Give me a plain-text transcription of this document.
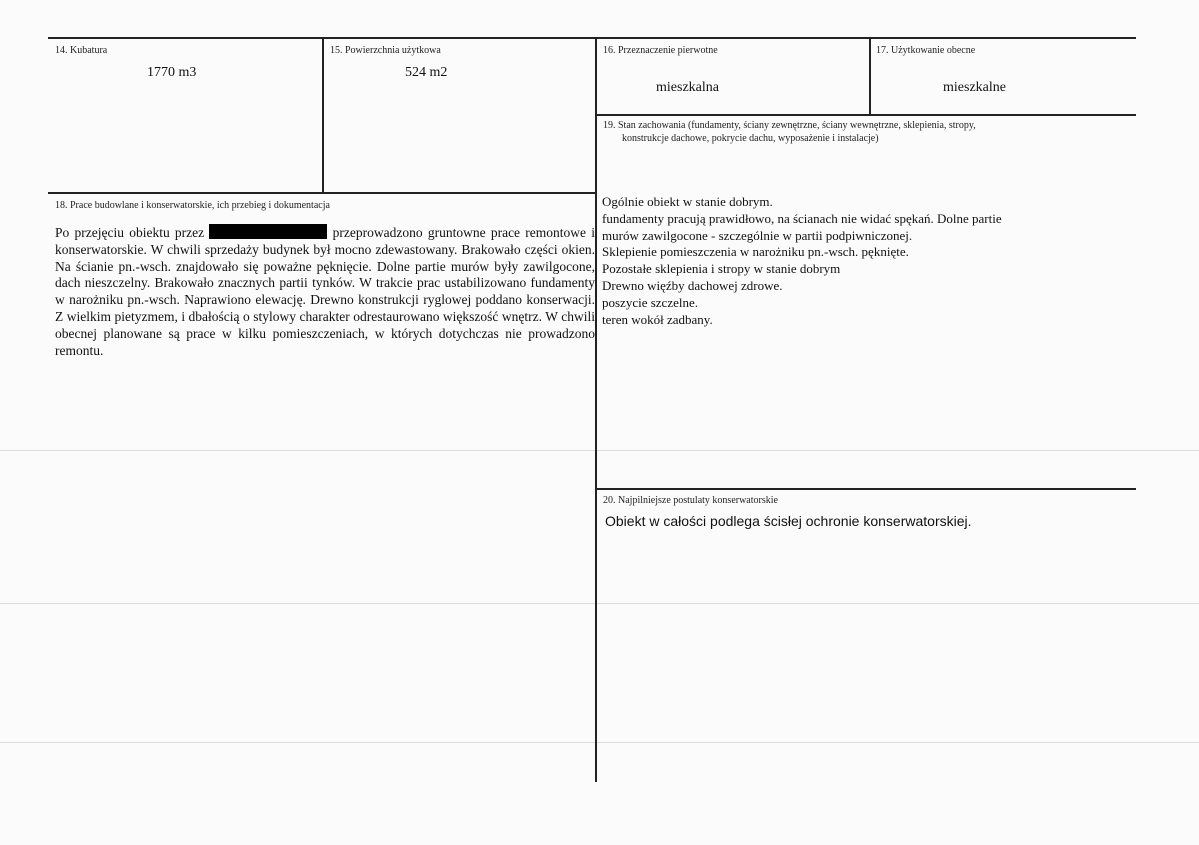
14. Kubatura
1770 m3
15. Powierzchnia użytkowa
524 m2
16. Przeznaczenie pierwotne
mieszkalna
17. Użytkowanie obecne
mieszkalne
19. Stan zachowania (fundamenty, ściany zewnętrzne, ściany wewnętrzne, sklepienia, stropy,
konstrukcje dachowe, pokrycie dachu, wyposażenie i instalacje)
Ogólnie obiekt w stanie dobrym.
fundamenty pracują prawidłowo, na ścianach nie widać spękań. Dolne partie
murów zawilgocone - szczególnie w partii podpiwniczonej.
Sklepienie pomieszczenia w narożniku pn.-wsch. pęknięte.
Pozostałe sklepienia i stropy w stanie dobrym
Drewno więźby dachowej zdrowe.
poszycie szczelne.
teren wokół zadbany.
18. Prace budowlane i konserwatorskie, ich przebieg i dokumentacja
Po przejęciu obiektu przez	przeprowadzono gruntowne prace remontowe i konserwatorskie. W chwili sprzedaży budynek był mocno zdewastowany. Brakowało części okien. Na ścianie pn.-wsch. znajdowało się poważne pęknięcie. Dolne partie murów były zawilgocone, dach nieszczelny. Brakowało znacznych partii tynków. W trakcie prac ustabilizowano fundamenty w narożniku pn.-wsch. Naprawiono elewację. Drewno konstrukcji ryglowej poddano konserwacji. Z wielkim pietyzmem, i dbałością o stylowy charakter odrestaurowano większość wnętrz. W chwili obecnej planowane są prace w kilku pomieszczeniach, w których dotychczas nie prowadzono remontu.
20. Najpilniejsze postulaty konserwatorskie
Obiekt w całości podlega ścisłej ochronie konserwatorskiej.
